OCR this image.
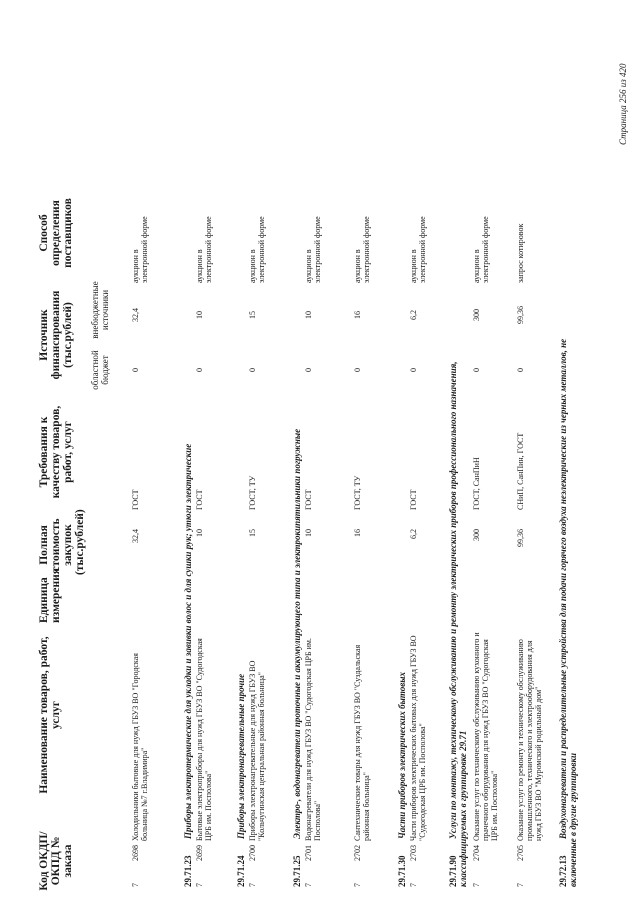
Код ОКДП/ ОКПД № заказа
Наименование товаров, работ, услуг
Единица измерения
Полная стоимость закупок (тыс.рублей)
Требования к качеству товаров, работ, услуг
Источник финансирования (тыс.рублей)
областной бюджет
внебюджетные источники
Способ определения поставщиков
7
2698
Холодильники бытовые для нужд ГБУЗ ВО "Городская больница №7 г.Владимира"
32,4
ГОСТ
0
32,4
аукцион в электронной форме
29.71.23Приборы электротермические для укладки и завивки волос и для сушки рук; утюги электрические
7
2699
Бытовые электроприборы для нужд ГБУЗ ВО "Судогодская ЦРБ им. Посполова"
10
ГОСТ
0
10
аукцион в электронной форме
29.71.24Приборы электронагревательные прочие
7
2700
Приборы электронагревательные для нужд ГБУЗ ВО "Кольчугинская центральная районная больница"
15
ГОСТ, ТУ
0
15
аукцион в электронной форме
29.71.25Электро-, водонагреватели проточные и аккумулирующего типа и электрокипятильники погружные
7
2701
Водонагреватели для нужд ГБУЗ ВО "Судогодская ЦРБ им. Посполова"
10
ГОСТ
0
10
аукцион в электронной форме
7
2702
Сантехнические товары для нужд ГБУЗ ВО "Суздальская районная больница"
16
ГОСТ, ТУ
0
16
аукцион в электронной форме
29.71.30Части приборов электрических бытовых
7
2703
Части приборов электрических бытовых для нужд ГБУЗ ВО "Судогодская ЦРБ им. Посполова"
6,2
ГОСТ
0
6,2
аукцион в электронной форме
29.71.90Услуги по монтажу, техническому обслуживанию и ремонту электрических приборов профессионального назначения, классифицируемых в группировке 29.71 7
2704
Оказание услуг по техническому обслуживанию кухонного и прачечного оборудования для нужд ГБУЗ ВО "Судогодская ЦРБ им. Посполова"
300
ГОСТ, СанПиН
0
300
аукцион в электронной форме
7
2705
Оказание услуг по ремонту и техническому обслуживанию промышленного, технического и электрооборудования для нужд ГБУЗ ВО "Муромский родильный дом"
99,36
СНиП, СанПин, ГОСТ
0
99,36
запрос котировок
29.72.13Воздухонагреватели и распределительные устройства для подачи горячего воздуха неэлектрические из черных металлов, не включенные в другие группировки
Страница 256 из 420
